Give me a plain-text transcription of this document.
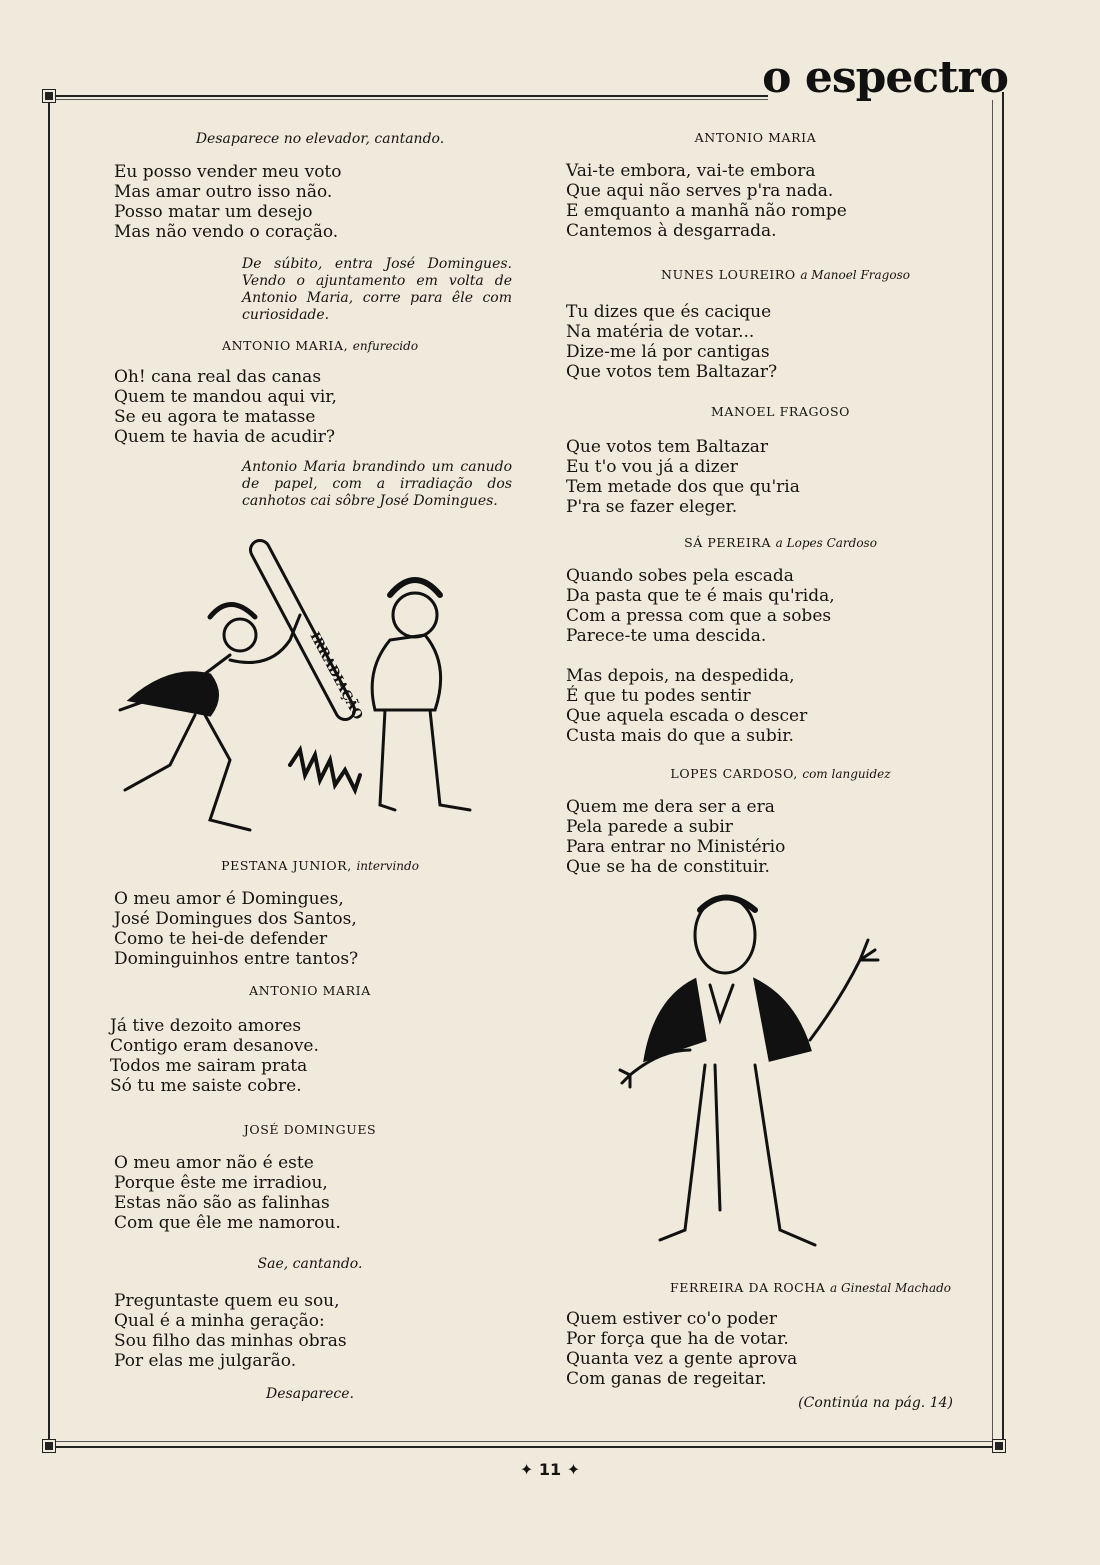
o espectro
Desaparece no elevador, cantando.
Eu posso vender meu voto
Mas amar outro isso não.
Posso matar um desejo
Mas não vendo o coração.
De súbito, entra José Domingues. Vendo o ajuntamento em volta de Antonio Maria, corre para êle com curiosidade.
ANTONIO MARIA, enfurecido
Oh! cana real das canas
Quem te mandou aqui vir,
Se eu agora te matasse
Quem te havia de acudir?
Antonio Maria brandindo um canudo de papel, com a irradiação dos canhotos cai sôbre José Domingues.
IRRADIAÇÃO
PESTANA JUNIOR, intervindo
O meu amor é Domingues,
José Domingues dos Santos,
Como te hei-de defender
Dominguinhos entre tantos?
ANTONIO MARIA
Já tive dezoito amores
Contigo eram desanove.
Todos me sairam prata
Só tu me saiste cobre.
JOSÉ DOMINGUES
O meu amor não é este
Porque êste me irradiou,
Estas não são as falinhas
Com que êle me namorou.
Sae, cantando.
Preguntaste quem eu sou,
Qual é a minha geração:
Sou filho das minhas obras
Por elas me julgarão.
Desaparece.
ANTONIO MARIA
Vai-te embora, vai-te embora
Que aqui não serves p'ra nada.
E emquanto a manhã não rompe
Cantemos à desgarrada.
NUNES LOUREIRO a Manoel Fragoso
Tu dizes que és cacique
Na matéria de votar...
Dize-me lá por cantigas
Que votos tem Baltazar?
MANOEL FRAGOSO
Que votos tem Baltazar
Eu t'o vou já a dizer
Tem metade dos que qu'ria
P'ra se fazer eleger.
SÁ PEREIRA a Lopes Cardoso
Quando sobes pela escada
Da pasta que te é mais qu'rida,
Com a pressa com que a sobes
Parece-te uma descida.
Mas depois, na despedida,
É que tu podes sentir
Que aquela escada o descer
Custa mais do que a subir.
LOPES CARDOSO, com languidez
Quem me dera ser a era
Pela parede a subir
Para entrar no Ministério
Que se ha de constituir.
FERREIRA DA ROCHA a Ginestal Machado
Quem estiver co'o poder
Por força que ha de votar.
Quanta vez a gente aprova
Com ganas de regeitar.
(Continúa na pág. 14)
✦ 11 ✦
